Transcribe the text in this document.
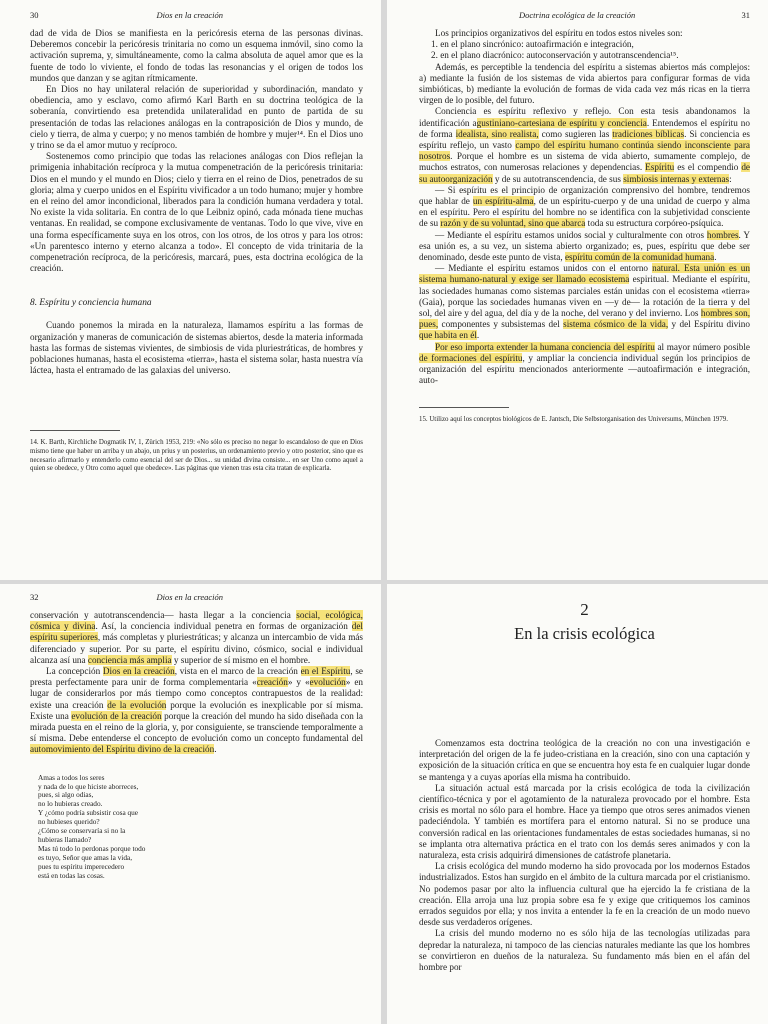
30	Dios en la creación

dad de vida de Dios se manifiesta en la pericóresis eterna de las personas divinas. Deberemos concebir la pericóresis trinitaria no como un esquema inmóvil, sino como la activación suprema, y, simultáneamente, como la calma absoluta de aquel amor que es la fuente de todo lo viviente, el fondo de todas las resonancias y el origen de todos los mundos que danzan y se agitan rítmicamente.

En Dios no hay unilateral relación de superioridad y subordinación, mandato y obediencia, amo y esclavo, como afirmó Karl Barth en su doctrina teológica de la soberanía, convirtiendo esa pretendida unilateralidad en punto de partida de su presentación de todas las relaciones análogas en la contraposición de Dios y mundo, de cielo y tierra, de alma y cuerpo; y no menos también de hombre y mujer¹⁴. En el Dios uno y trino se da el amor mutuo y recíproco.

Sostenemos como principio que todas las relaciones análogas con Dios reflejan la primigenia inhabitación recíproca y la mutua compenetración de la pericóresis trinitaria: Dios en el mundo y el mundo en Dios; cielo y tierra en el reino de Dios, penetrados de su gloria; alma y cuerpo unidos en el Espíritu vivificador a un todo humano; mujer y hombre en el reino del amor incondicional, liberados para la condición humana verdadera y total. No existe la vida solitaria. En contra de lo que Leibniz opinó, cada mónada tiene muchas ventanas. En realidad, se compone exclusivamente de ventanas. Todo lo que vive, vive en una forma específicamente suya en los otros, con los otros, de los otros y para los otros: «Un parentesco interno y eterno alcanza a todo». El concepto de vida trinitaria de la compenetración recíproca, de la pericóresis, marcará, pues, esta doctrina ecológica de la creación.

8. Espíritu y conciencia humana

Cuando ponemos la mirada en la naturaleza, llamamos espíritu a las formas de organización y maneras de comunicación de sistemas abiertos, desde la materia informada hasta las formas de sistemas vivientes, de simbiosis de vida pluriestráticas, de hombres y poblaciones humanas, hasta el ecosistema «tierra», hasta el sistema solar, hasta nuestra vía láctea, hasta el entramado de las galaxias del universo.

14. K. Barth, Kirchliche Dogmatik IV, 1, Zürich 1953, 219: «No sólo es preciso no negar lo escandaloso de que en Dios mismo tiene que haber un arriba y un abajo, un prius y un posterius, un ordenamiento previo y otro posterior, sino que es necesario afirmarlo y entenderlo como esencial del ser de Dios... su unidad divina consiste... en ser Uno como aquel a quien se obedece, y Otro como aquel que obedece». Las páginas que vienen tras esta cita tratan de explicarla.

Doctrina ecológica de la creación	31

Los principios organizativos del espíritu en todos estos niveles son:

1. en el plano sincrónico: autoafirmación e integración,

2. en el plano diacrónico: autoconservación y autotranscendencia¹⁵.

Además, es perceptible la tendencia del espíritu a sistemas abiertos más complejos: a) mediante la fusión de los sistemas de vida abiertos para configurar formas de vida simbióticas, b) mediante la evolución de formas de vida cada vez más ricas en la tierra virgen de lo posible, del futuro.

Conciencia es espíritu reflexivo y reflejo. Con esta tesis abandonamos la identificación agustiniano-cartesiana de espíritu y conciencia. Entendemos el espíritu no de forma idealista, sino realista, como sugieren las tradiciones bíblicas. Si conciencia es espíritu reflejo, un vasto campo del espíritu humano continúa siendo inconsciente para nosotros. Porque el hombre es un sistema de vida abierto, sumamente complejo, de muchos estratos, con numerosas relaciones y dependencias. Espíritu es el compendio de su autoorganización y de su autotranscendencia, de sus simbiosis internas y externas:

— Si espíritu es el principio de organización comprensivo del hombre, tendremos que hablar de un espíritu-alma, de un espíritu-cuerpo y de una unidad de cuerpo y alma en el espíritu. Pero el espíritu del hombre no se identifica con la subjetividad consciente de su razón y de su voluntad, sino que abarca toda su estructura corpóreo-psíquica.

— Mediante el espíritu estamos unidos social y culturalmente con otros hombres. Y esa unión es, a su vez, un sistema abierto organizado; es, pues, espíritu que debe ser denominado, desde este punto de vista, espíritu común de la comunidad humana.

— Mediante el espíritu estamos unidos con el entorno natural. Esta unión es un sistema humano-natural y exige ser llamado ecosistema espiritual. Mediante el espíritu, las sociedades humanas como sistemas parciales están unidas con el ecosistema «tierra» (Gaia), porque las sociedades humanas viven en —y de— la rotación de la tierra y del sol, del aire y del agua, del día y de la noche, del verano y del invierno. Los hombres son, pues, componentes y subsistemas del sistema cósmico de la vida, y del Espíritu divino que habita en él.

Por eso importa extender la humana conciencia del espíritu al mayor número posible de formaciones del espíritu, y ampliar la conciencia individual según los principios de organización del espíritu mencionados anteriormente —autoafirmación e integración, auto-

15. Utilizo aquí los conceptos biológicos de E. Jantsch, Die Selbstorganisation des Universums, München 1979.

32	Dios en la creación

conservación y autotranscendencia— hasta llegar a la conciencia social, ecológica, cósmica y divina. Así, la conciencia individual penetra en formas de organización del espíritu superiores, más completas y pluriestráticas; y alcanza un intercambio de vida más diferenciado y superior. Por su parte, el espíritu divino, cósmico, social e individual alcanza así una conciencia más amplia y superior de sí mismo en el hombre.

La concepción Dios en la creación, vista en el marco de la creación en el Espíritu, se presta perfectamente para unir de forma complementaria «creación» y «evolución» en lugar de considerarlos por más tiempo como conceptos contrapuestos de la realidad: existe una creación de la evolución porque la evolución es inexplicable por sí misma. Existe una evolución de la creación porque la creación del mundo ha sido diseñada con la mirada puesta en el reino de la gloria, y, por consiguiente, se transciende temporalmente a sí misma. Debe entenderse el concepto de evolución como un concepto fundamental del automovimiento del Espíritu divino de la creación.

Amas a todos los seres
y nada de lo que hiciste aborreces,
pues, si algo odias,
no lo hubieras creado.
Y ¿cómo podría subsistir cosa que
no hubieses querido?
¿Cómo se conservaría si no la
hubieras llamado?
Mas tú todo lo perdonas porque todo
es tuyo, Señor que amas la vida,
pues tu espíritu imperecedero
está en todas las cosas.
2
En la crisis ecológica

Comenzamos esta doctrina teológica de la creación no con una investigación e interpretación del origen de la fe judeo-cristiana en la creación, sino con una captación y exposición de la situación crítica en que se encuentra hoy esta fe en cualquier lugar donde se mantenga y a cuyas aporías ella misma ha contribuido.

La situación actual está marcada por la crisis ecológica de toda la civilización científico-técnica y por el agotamiento de la naturaleza provocado por el hombre. Esta crisis es mortal no sólo para el hombre. Hace ya tiempo que otros seres animados vienen padeciéndola. Y también es mortífera para el entorno natural. Si no se produce una conversión radical en las orientaciones fundamentales de estas sociedades humanas, si no se implanta otra alternativa práctica en el trato con los demás seres animados y con la naturaleza, esta crisis adquirirá dimensiones de catástrofe planetaria.

La crisis ecológica del mundo moderno ha sido provocada por los modernos Estados industrializados. Estos han surgido en el ámbito de la cultura marcada por el cristianismo. No podemos pasar por alto la influencia cultural que ha ejercido la fe cristiana de la creación. Ella arroja una luz propia sobre esa fe y exige que critiquemos los caminos errados seguidos por ella; y nos invita a entender la fe en la creación de un modo nuevo desde sus verdaderos orígenes.

La crisis del mundo moderno no es sólo hija de las tecnologías utilizadas para depredar la naturaleza, ni tampoco de las ciencias naturales mediante las que los hombres se convirtieron en dueños de la naturaleza. Su fundamento más bien en el afán del hombre por
